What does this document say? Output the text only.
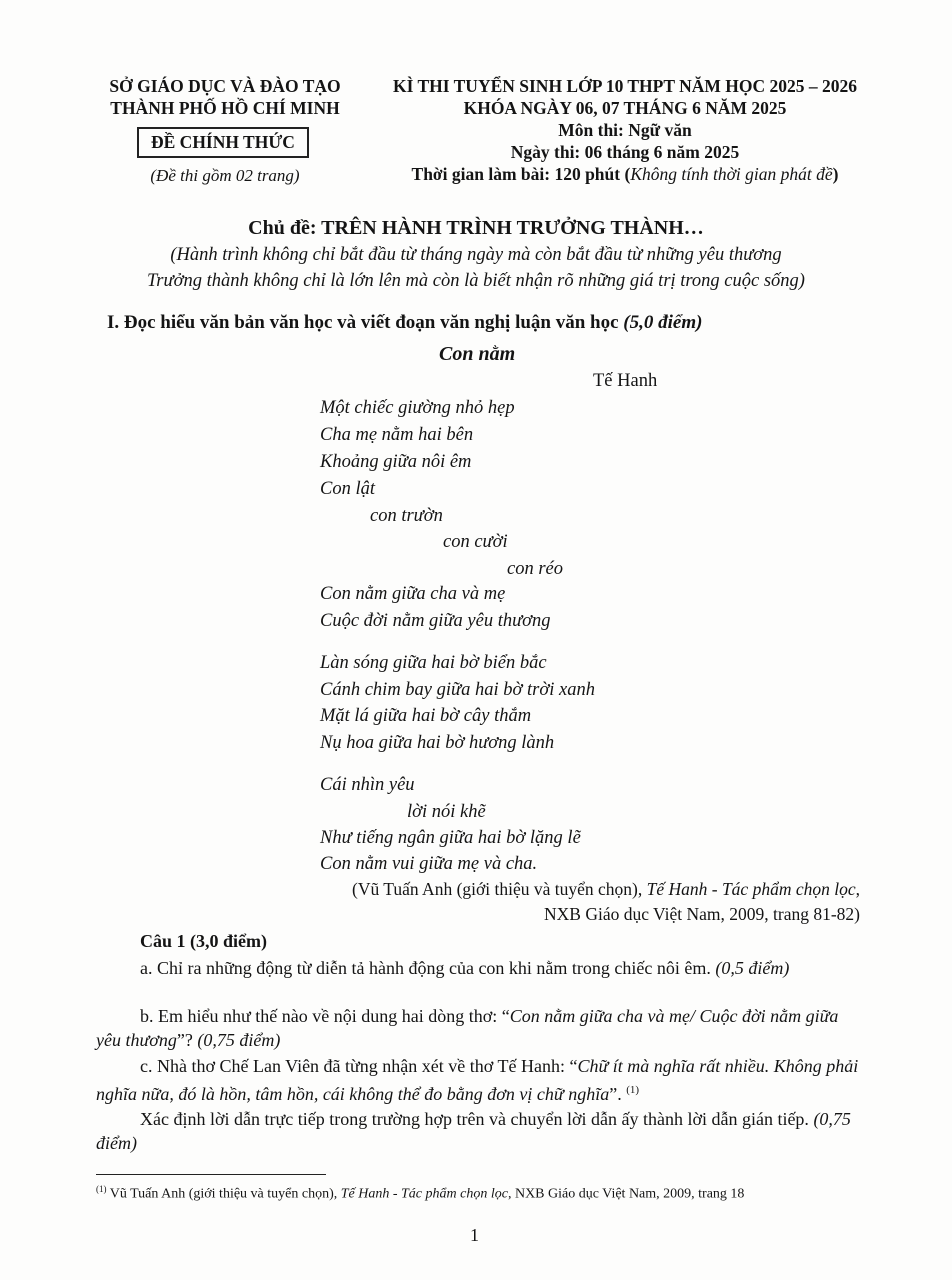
SỞ GIÁO DỤC VÀ ĐÀO TẠO
THÀNH PHỐ HỒ CHÍ MINH
ĐỀ CHÍNH THỨC
(Đề thi gồm 02 trang)
KÌ THI TUYỂN SINH LỚP 10 THPT NĂM HỌC 2025 – 2026
KHÓA NGÀY 06, 07 THÁNG 6 NĂM 2025
Môn thi: Ngữ văn
Ngày thi: 06 tháng 6 năm 2025
Thời gian làm bài: 120 phút (Không tính thời gian phát đề)
Chủ đề: TRÊN HÀNH TRÌNH TRƯỞNG THÀNH…
(Hành trình không chỉ bắt đầu từ tháng ngày mà còn bắt đầu từ những yêu thương
Trưởng thành không chỉ là lớn lên mà còn là biết nhận rõ những giá trị trong cuộc sống)
I. Đọc hiểu văn bản văn học và viết đoạn văn nghị luận văn học (5,0 điểm)
Con nằm
Tế Hanh
Một chiếc giường nhỏ hẹp
Cha mẹ nằm hai bên
Khoảng giữa nôi êm
Con lật
con trườn
con cười
con réo
Con nằm giữa cha và mẹ
Cuộc đời nằm giữa yêu thương
Làn sóng giữa hai bờ biển bắc
Cánh chim bay giữa hai bờ trời xanh
Mặt lá giữa hai bờ cây thắm
Nụ hoa giữa hai bờ hương lành
Cái nhìn yêu
lời nói khẽ
Như tiếng ngân giữa hai bờ lặng lẽ
Con nằm vui giữa mẹ và cha.
(Vũ Tuấn Anh (giới thiệu và tuyển chọn), Tế Hanh - Tác phẩm chọn lọc,
NXB Giáo dục Việt Nam, 2009, trang 81-82)
Câu 1 (3,0 điểm)
a. Chỉ ra những động từ diễn tả hành động của con khi nằm trong chiếc nôi êm. (0,5 điểm)
b. Em hiểu như thế nào về nội dung hai dòng thơ: “Con nằm giữa cha và mẹ/ Cuộc đời nằm giữa yêu thương”? (0,75 điểm)
c. Nhà thơ Chế Lan Viên đã từng nhận xét về thơ Tế Hanh: “Chữ ít mà nghĩa rất nhiều. Không phải nghĩa nữa, đó là hồn, tâm hồn, cái không thể đo bằng đơn vị chữ nghĩa”. $^{(1)}$
Xác định lời dẫn trực tiếp trong trường hợp trên và chuyển lời dẫn ấy thành lời dẫn gián tiếp. (0,75 điểm)
$^{(1)}$ Vũ Tuấn Anh (giới thiệu và tuyển chọn), Tế Hanh - Tác phẩm chọn lọc, NXB Giáo dục Việt Nam, 2009, trang 18
1
